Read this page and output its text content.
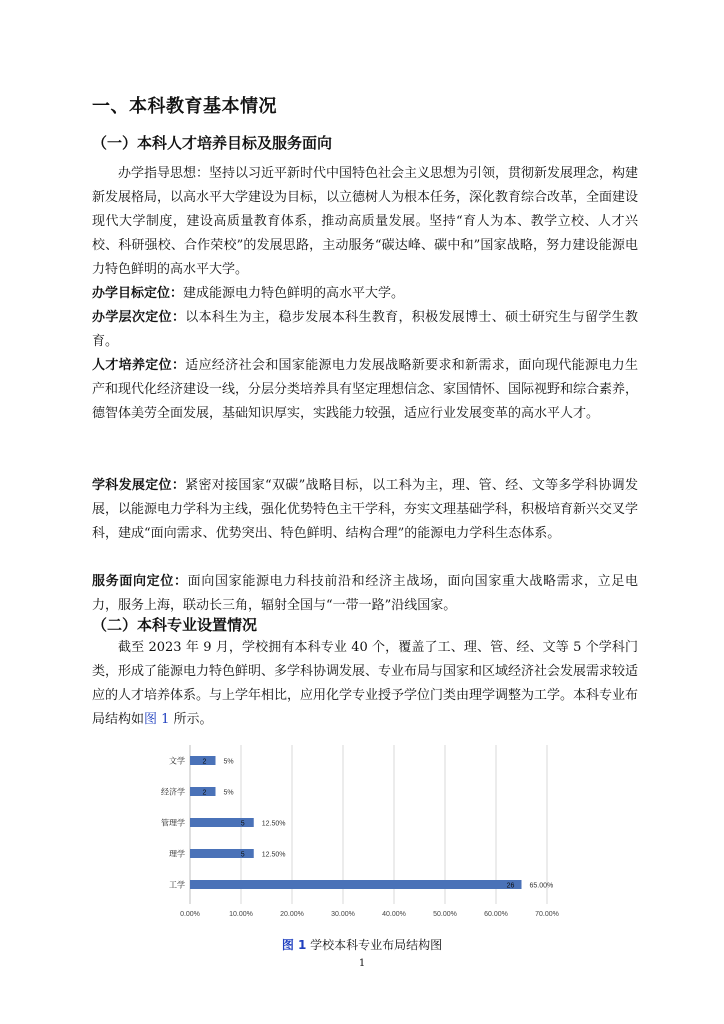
一、本科教育基本情况
（一）本科人才培养目标及服务面向
办学指导思想：坚持以习近平新时代中国特色社会主义思想为引领，贯彻新发展理念，构建新发展格局，以高水平大学建设为目标，以立德树人为根本任务，深化教育综合改革，全面建设现代大学制度，建设高质量教育体系，推动高质量发展。坚持“育人为本、教学立校、人才兴校、科研强校、合作荣校”的发展思路，主动服务“碳达峰、碳中和”国家战略，努力建设能源电力特色鲜明的高水平大学。
办学目标定位：建成能源电力特色鲜明的高水平大学。
办学层次定位：以本科生为主，稳步发展本科生教育，积极发展博士、硕士研究生与留学生教育。
人才培养定位：适应经济社会和国家能源电力发展战略新要求和新需求，面向现代能源电力生产和现代化经济建设一线，分层分类培养具有坚定理想信念、家国情怀、国际视野和综合素养，德智体美劳全面发展，基础知识厚实，实践能力较强，适应行业发展变革的高水平人才。
学科发展定位：紧密对接国家“双碳”战略目标，以工科为主，理、管、经、文等多学科协调发展，以能源电力学科为主线，强化优势特色主干学科，夯实文理基础学科，积极培育新兴交叉学科，建成“面向需求、优势突出、特色鲜明、结构合理”的能源电力学科生态体系。
服务面向定位：面向国家能源电力科技前沿和经济主战场，面向国家重大战略需求，立足电力，服务上海，联动长三角，辐射全国与“一带一路”沿线国家。
（二）本科专业设置情况
截至 2023 年 9 月，学校拥有本科专业 40 个，覆盖了工、理、管、经、文等 5 个学科门类，形成了能源电力特色鲜明、多学科协调发展、专业布局与国家和区域经济社会发展需求较适应的人才培养体系。与上学年相比，应用化学专业授予学位门类由理学调整为工学。本科专业布局结构如图 1 所示。
0.00%	10.00%	20.00%	30.00%	40.00%	50.00%	60.00%	70.00%
文学	2 5%
经济学	2 5%
管理学	5 12.50%
理学	5 12.50%
工学	26 65.00%
图 1 学校本科专业布局结构图
1
